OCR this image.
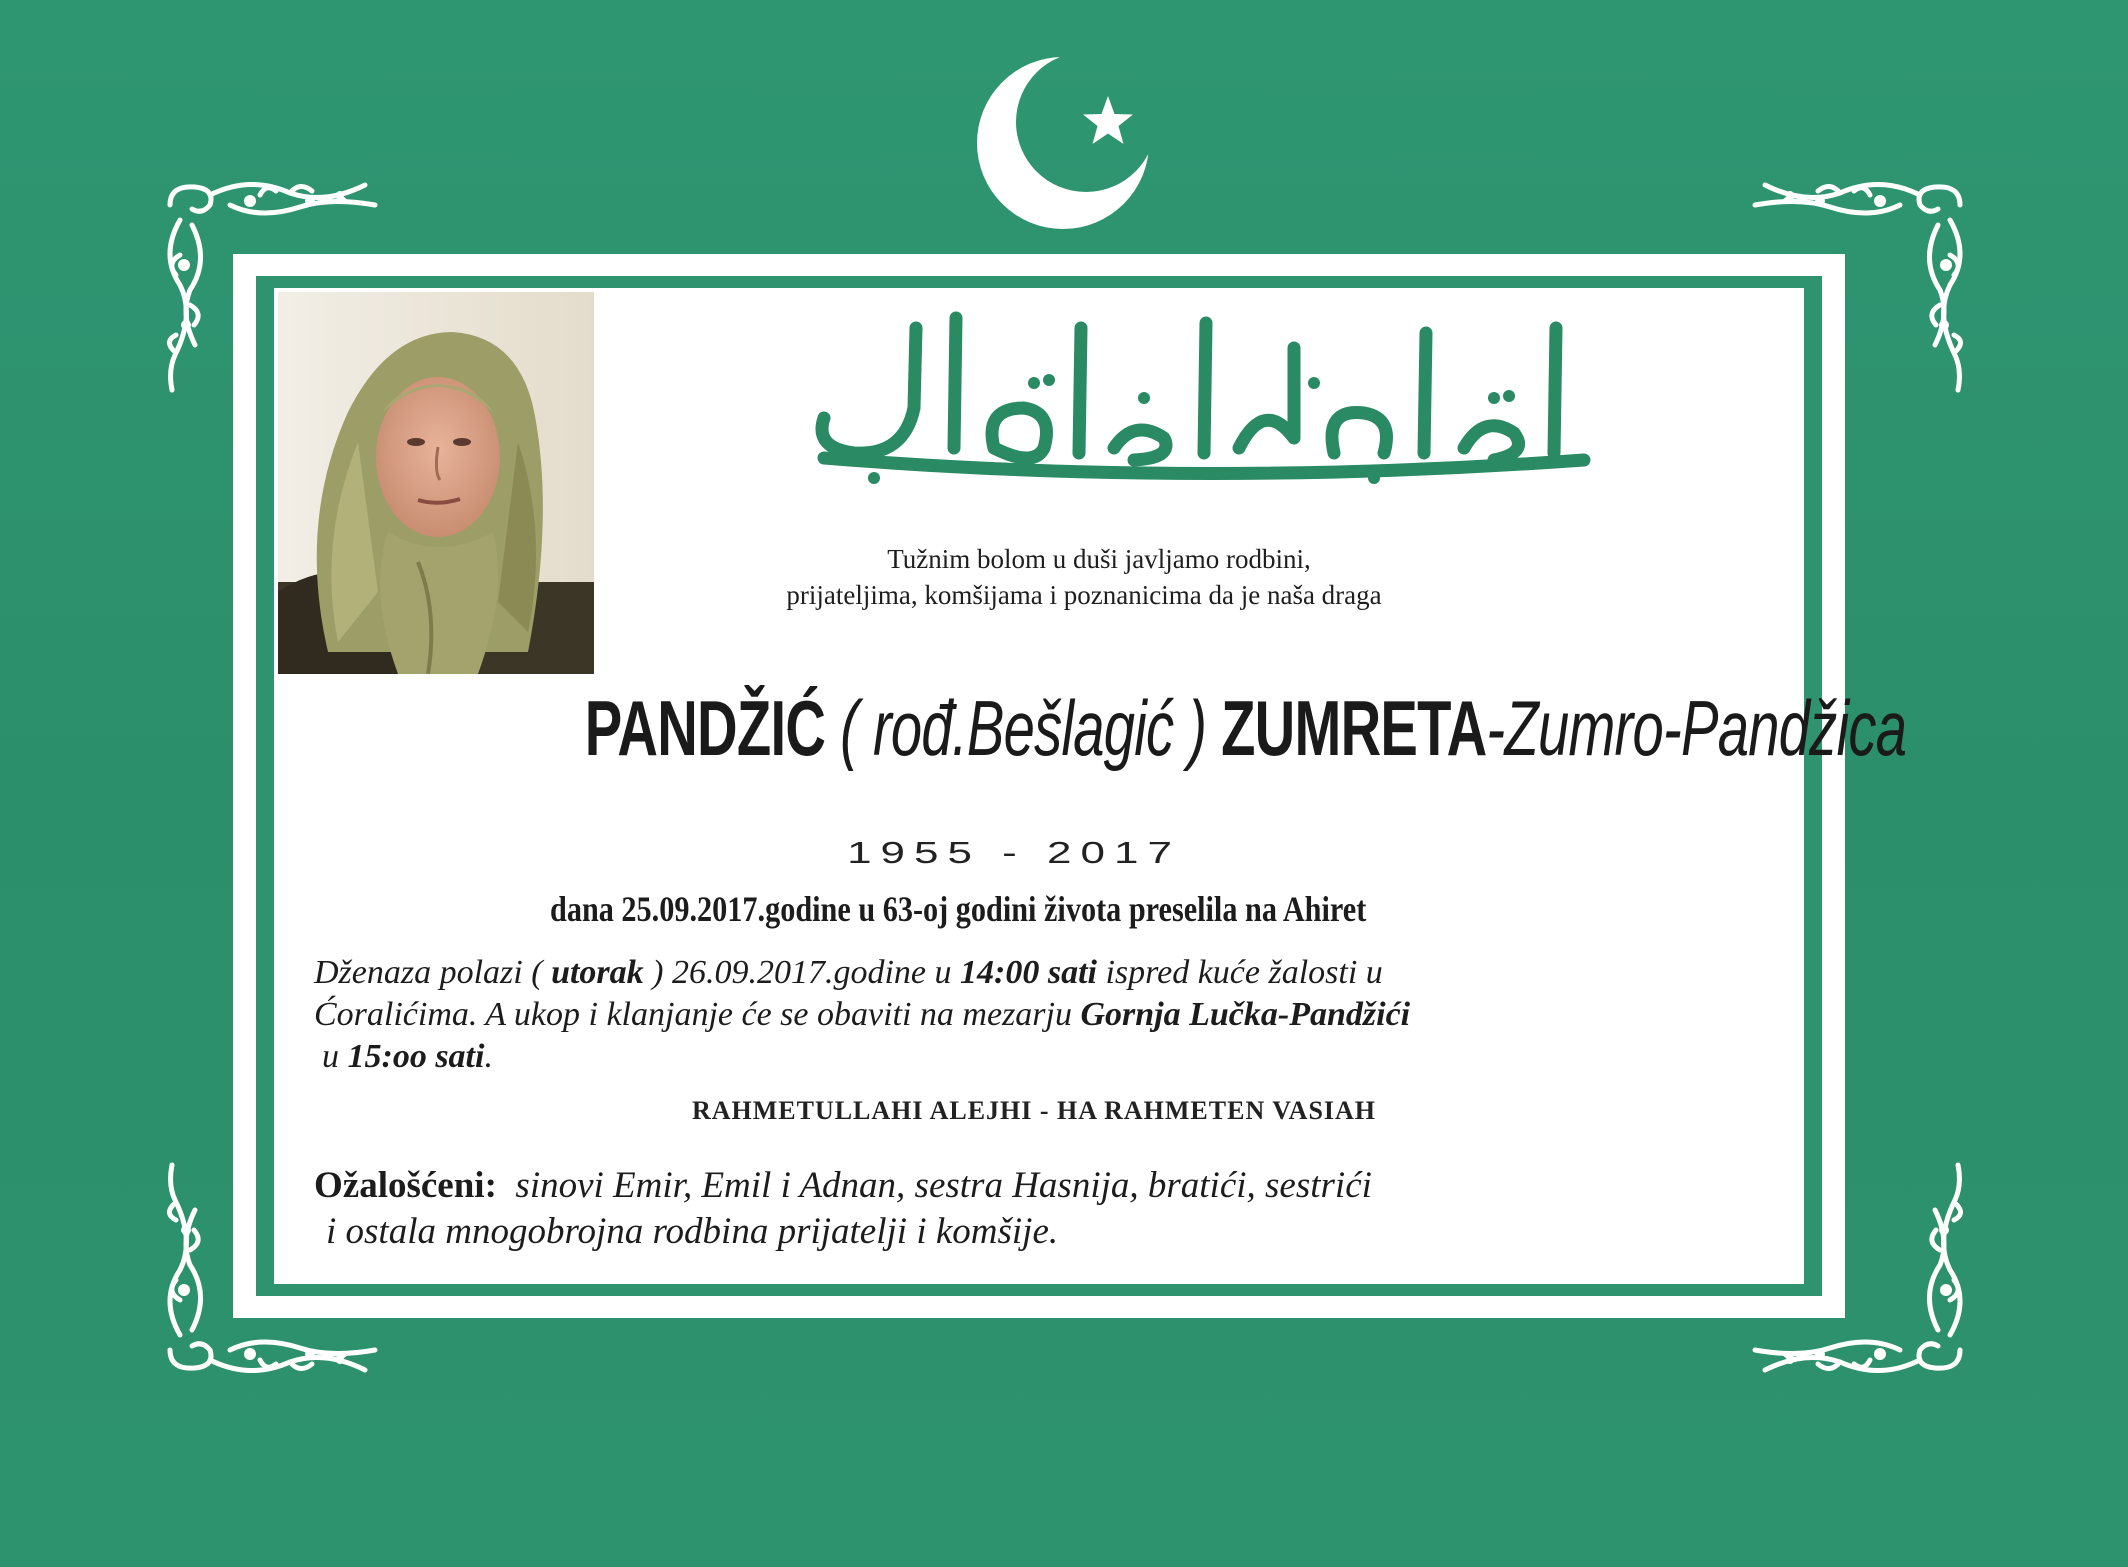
Tužnim bolom u duši javljamo rodbini,
prijateljima, komšijama i poznanicima da je naša draga
PANDŽIĆ ( rođ.Bešlagić ) ZUMRETA-Zumro-Pandžica
1955 - 2017
dana 25.09.2017.godine u 63-oj godini života preselila na Ahiret
Dženaza polazi ( utorak ) 26.09.2017.godine u 14:00 sati ispred kuće žalosti u
Ćoralićima. A ukop i klanjanje će se obaviti na mezarju Gornja Lučka-Pandžići
u 15:oo sati.
RAHMETULLAHI ALEJHI - HA RAHMETEN VASIAH
Ožalošćeni: sinovi Emir, Emil i Adnan, sestra Hasnija, bratići, sestrići
i ostala mnogobrojna rodbina prijatelji i komšije.
